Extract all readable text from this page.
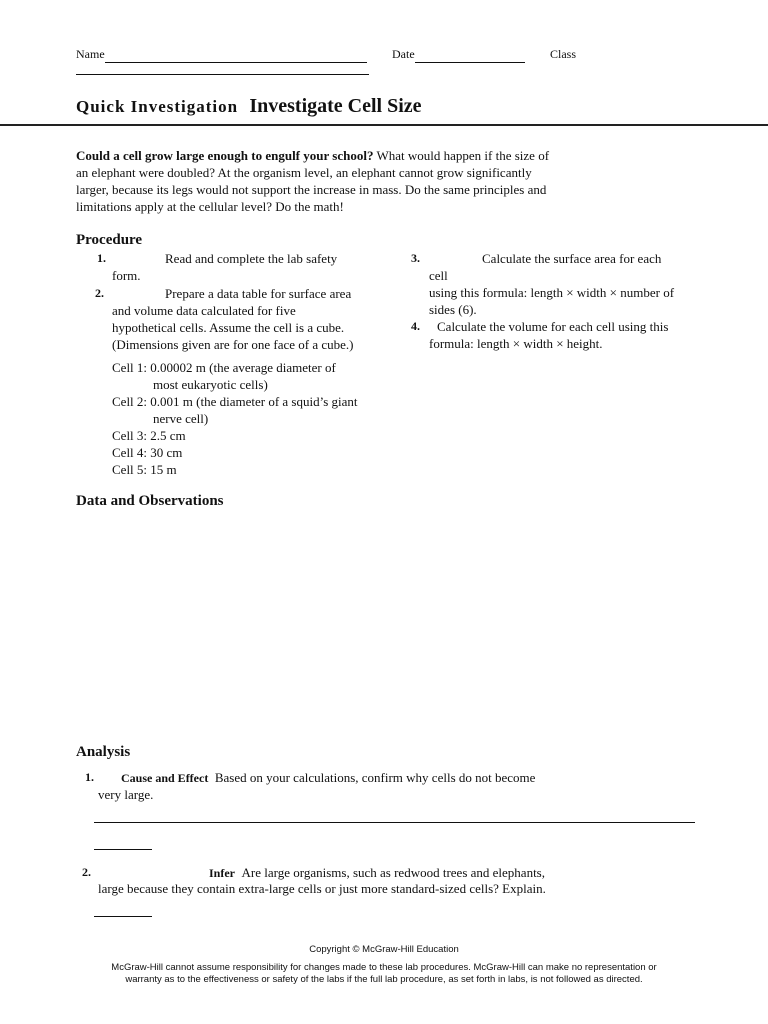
Name	Date	Class
Quick Investigation Investigate Cell Size
Could a cell grow large enough to engulf your school? What would happen if the size of
an elephant were doubled? At the organism level, an elephant cannot grow significantly
larger, because its legs would not support the increase in mass. Do the same principles and
limitations apply at the cellular level? Do the math!
Procedure
1.	Read and complete the lab safety
form.
2.	Prepare a data table for surface area
and volume data calculated for five
hypothetical cells. Assume the cell is a cube.
(Dimensions given are for one face of a cube.)
Cell 1: 0.00002 m (the average diameter of
most eukaryotic cells)
Cell 2: 0.001 m (the diameter of a squid’s giant
nerve cell)
Cell 3: 2.5 cm
Cell 4: 30 cm
Cell 5: 15 m
3.	Calculate the surface area for each
cell
using this formula: length × width × number of
sides (6).
4. Calculate the volume for each cell using this
formula: length × width × height.
Data and Observations
Analysis
1. Cause and Effect Based on your calculations, confirm why cells do not become
very large.
2.	Infer Are large organisms, such as redwood trees and elephants,
large because they contain extra-large cells or just more standard-sized cells? Explain.
Copyright © McGraw-Hill Education
McGraw-Hill cannot assume responsibility for changes made to these lab procedures. McGraw-Hill can make no representation or
warranty as to the effectiveness or safety of the labs if the full lab procedure, as set forth in labs, is not followed as directed.
